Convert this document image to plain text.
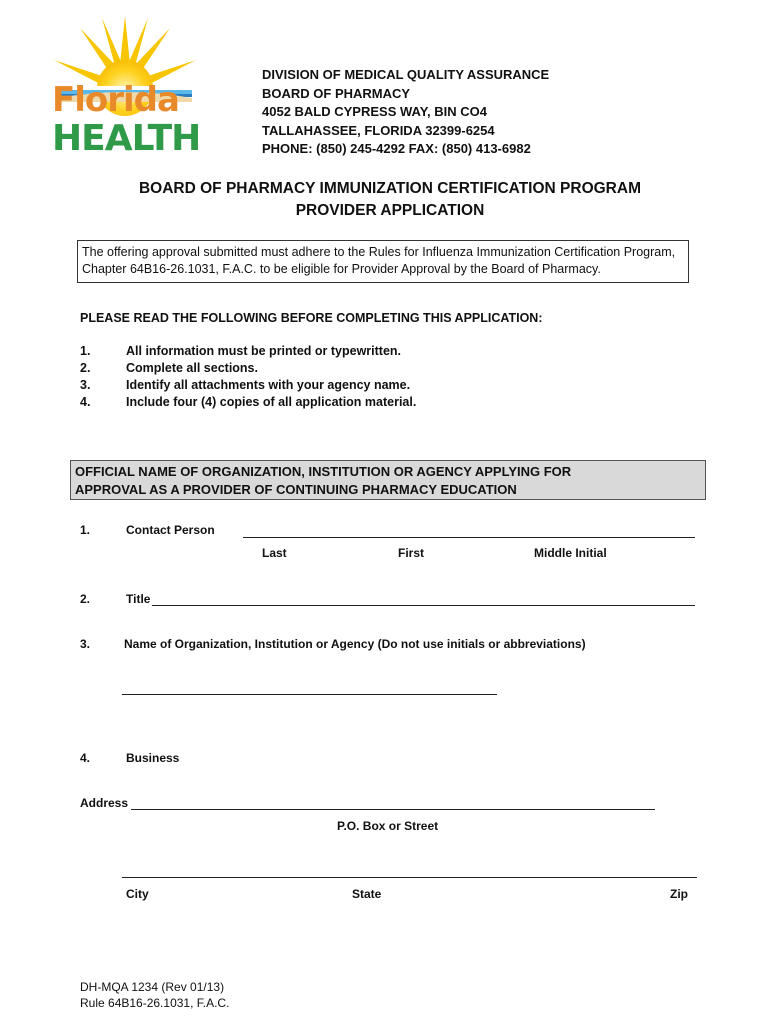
Florida
HEALTH
DIVISION OF MEDICAL QUALITY ASSURANCE
BOARD OF PHARMACY
4052 BALD CYPRESS WAY, BIN CO4
TALLAHASSEE, FLORIDA 32399-6254
PHONE: (850) 245-4292 FAX: (850) 413-6982
BOARD OF PHARMACY IMMUNIZATION CERTIFICATION PROGRAM
PROVIDER APPLICATION
The offering approval submitted must adhere to the Rules for Influenza Immunization Certification Program, Chapter 64B16-26.1031, F.A.C. to be eligible for Provider Approval by the Board of Pharmacy.
PLEASE READ THE FOLLOWING BEFORE COMPLETING THIS APPLICATION:
1.	All information must be printed or typewritten.
2.	Complete all sections.
3.	Identify all attachments with your agency name.
4.	Include four (4) copies of all application material.
OFFICIAL NAME OF ORGANIZATION, INSTITUTION OR AGENCY APPLYING FOR
APPROVAL AS A PROVIDER OF CONTINUING PHARMACY EDUCATION
1.	Contact Person
Last	First	Middle Initial
2.	Title
3.	Name of Organization, Institution or Agency (Do not use initials or abbreviations)
4.	Business
Address
P.O. Box or Street
City	State	Zip
DH-MQA 1234 (Rev 01/13)
Rule 64B16-26.1031, F.A.C.
